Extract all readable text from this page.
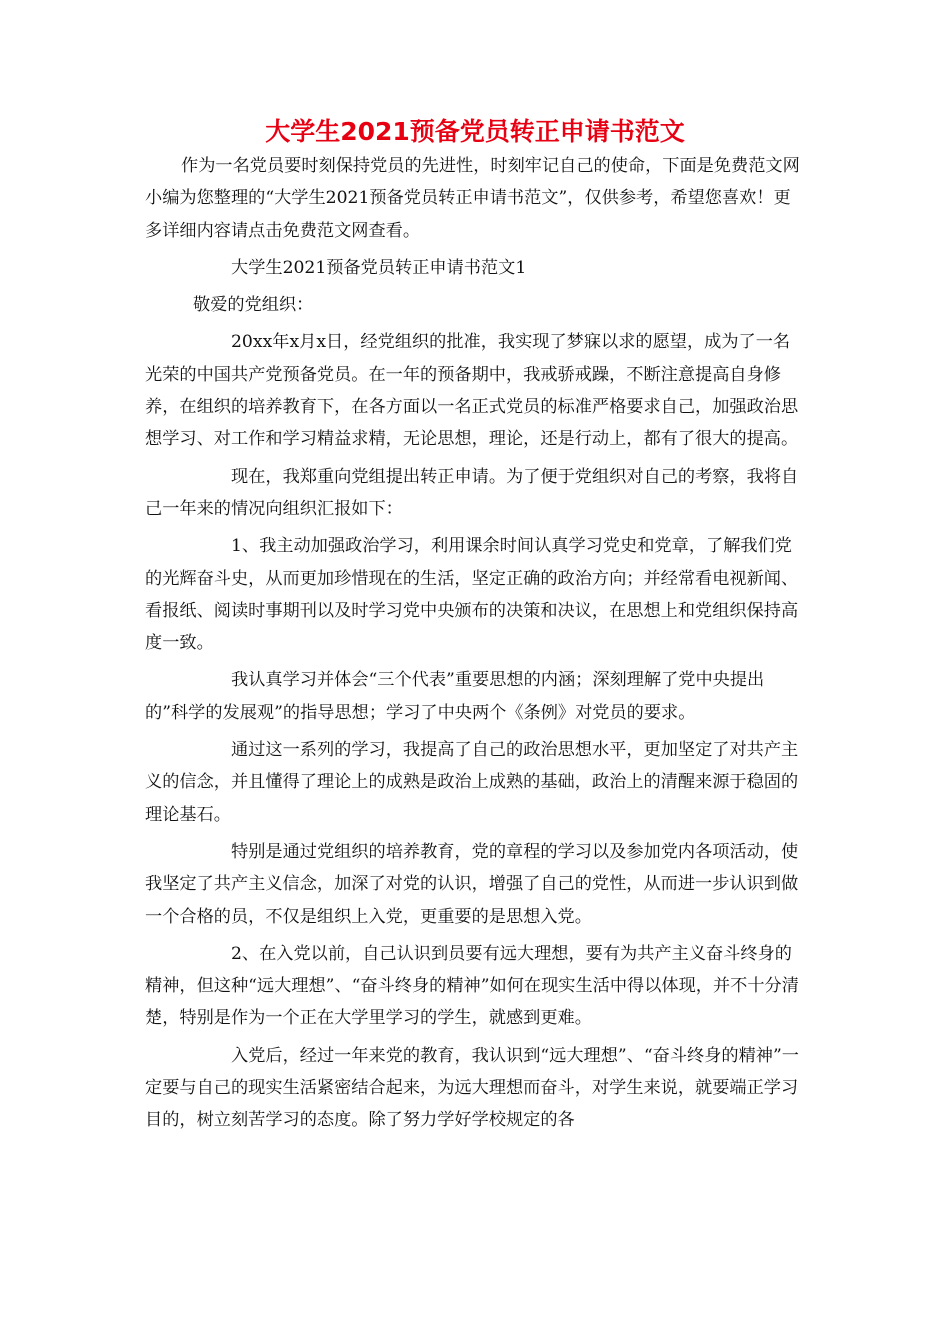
大学生2021预备党员转正申请书范文

作为一名党员要时刻保持党员的先进性，时刻牢记自己的使命，下面是免费范文网小编为您整理的“大学生2021预备党员转正申请书范文”，仅供参考，希望您喜欢！更多详细内容请点击免费范文网查看。

大学生2021预备党员转正申请书范文1

敬爱的党组织：

20xx年x月x日，经党组织的批准，我实现了梦寐以求的愿望，成为了一名光荣的中国共产党预备党员。在一年的预备期中，我戒骄戒躁，不断注意提高自身修养，在组织的培养教育下，在各方面以一名正式党员的标准严格要求自己，加强政治思想学习、对工作和学习精益求精，无论思想，理论，还是行动上，都有了很大的提高。

现在，我郑重向党组提出转正申请。为了便于党组织对自己的考察，我将自己一年来的情况向组织汇报如下：

1、我主动加强政治学习，利用课余时间认真学习党史和党章，了解我们党的光辉奋斗史，从而更加珍惜现在的生活，坚定正确的政治方向；并经常看电视新闻、看报纸、阅读时事期刊以及时学习党中央颁布的决策和决议，在思想上和党组织保持高度一致。

我认真学习并体会“三个代表”重要思想的内涵；深刻理解了党中央提出的”科学的发展观”的指导思想；学习了中央两个《条例》对党员的要求。

通过这一系列的学习，我提高了自己的政治思想水平，更加坚定了对共产主义的信念，并且懂得了理论上的成熟是政治上成熟的基础，政治上的清醒来源于稳固的理论基石。

特别是通过党组织的培养教育，党的章程的学习以及参加党内各项活动，使我坚定了共产主义信念，加深了对党的认识，增强了自己的党性，从而进一步认识到做一个合格的员，不仅是组织上入党，更重要的是思想入党。

2、在入党以前，自己认识到员要有远大理想，要有为共产主义奋斗终身的精神，但这种“远大理想”、“奋斗终身的精神”如何在现实生活中得以体现，并不十分清楚，特别是作为一个正在大学里学习的学生，就感到更难。

入党后，经过一年来党的教育，我认识到“远大理想”、“奋斗终身的精神”一定要与自己的现实生活紧密结合起来，为远大理想而奋斗，对学生来说，就要端正学习目的，树立刻苦学习的态度。除了努力学好学校规定的各
